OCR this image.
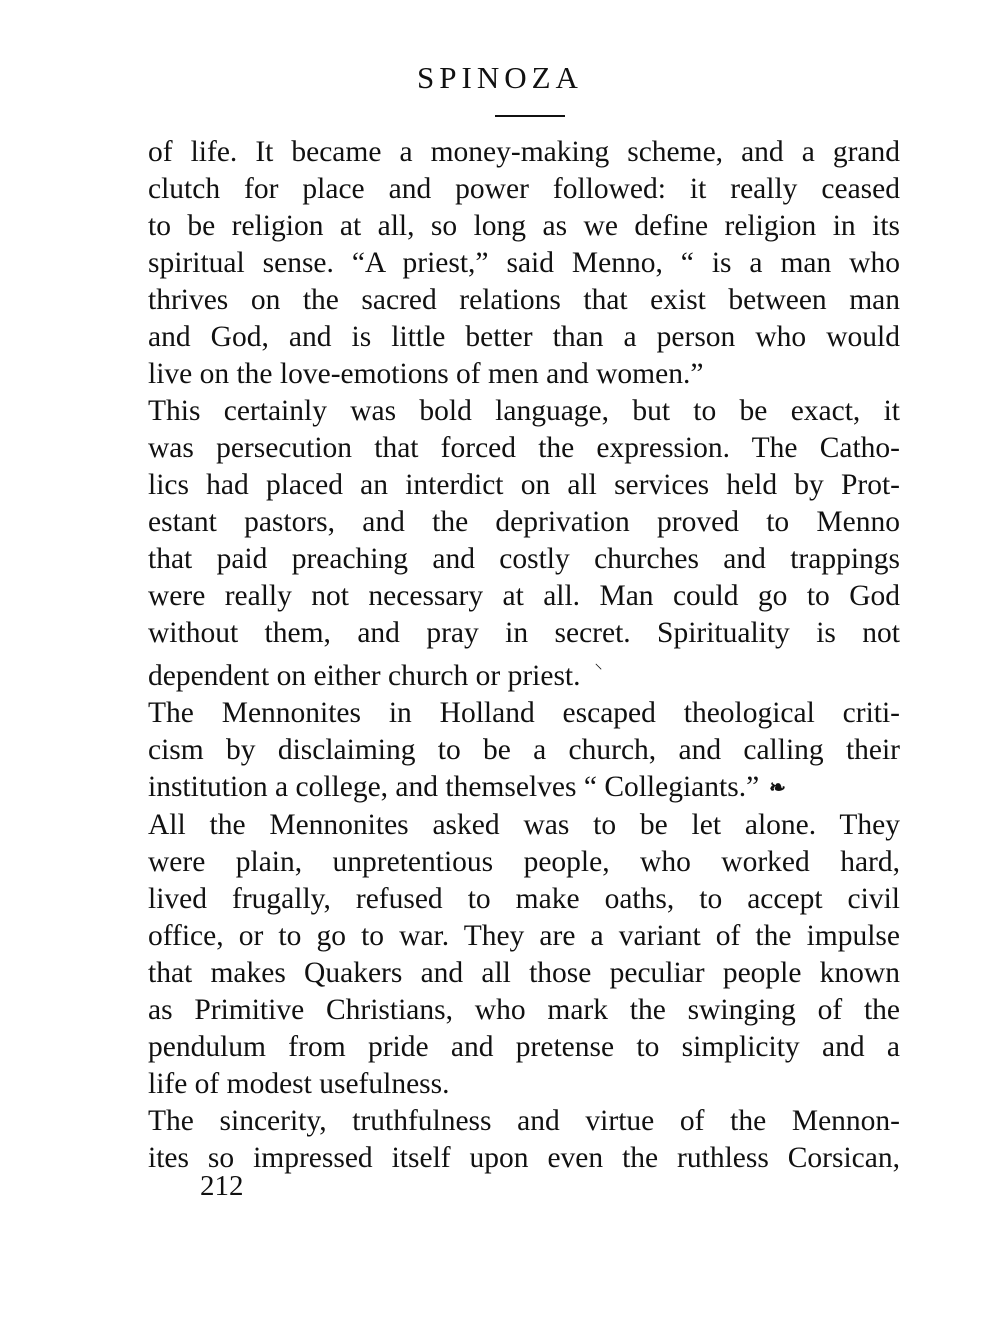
SPINOZA
of life. It became a money-making scheme, and a grand
clutch for place and power followed: it really ceased
to be religion at all, so long as we define religion in its
spiritual sense. “A priest,” said Menno, “ is a man who
thrives on the sacred relations that exist between man
and God, and is little better than a person who would
live on the love-emotions of men and women.”
This certainly was bold language, but to be exact, it
was persecution that forced the expression. The Catho-
lics had placed an interdict on all services held by Prot-
estant pastors, and the deprivation proved to Menno
that paid preaching and costly churches and trappings
were really not necessary at all. Man could go to God
without them, and pray in secret. Spirituality is not
dependent on either church or priest. ⸌
The Mennonites in Holland escaped theological criti-
cism by disclaiming to be a church, and calling their
institution a college, and themselves “ Collegiants.” ❧
All the Mennonites asked was to be let alone. They
were plain, unpretentious people, who worked hard,
lived frugally, refused to make oaths, to accept civil
office, or to go to war. They are a variant of the impulse
that makes Quakers and all those peculiar people known
as Primitive Christians, who mark the swinging of the
pendulum from pride and pretense to simplicity and a
life of modest usefulness.
The sincerity, truthfulness and virtue of the Mennon-
ites so impressed itself upon even the ruthless Corsican,
212
